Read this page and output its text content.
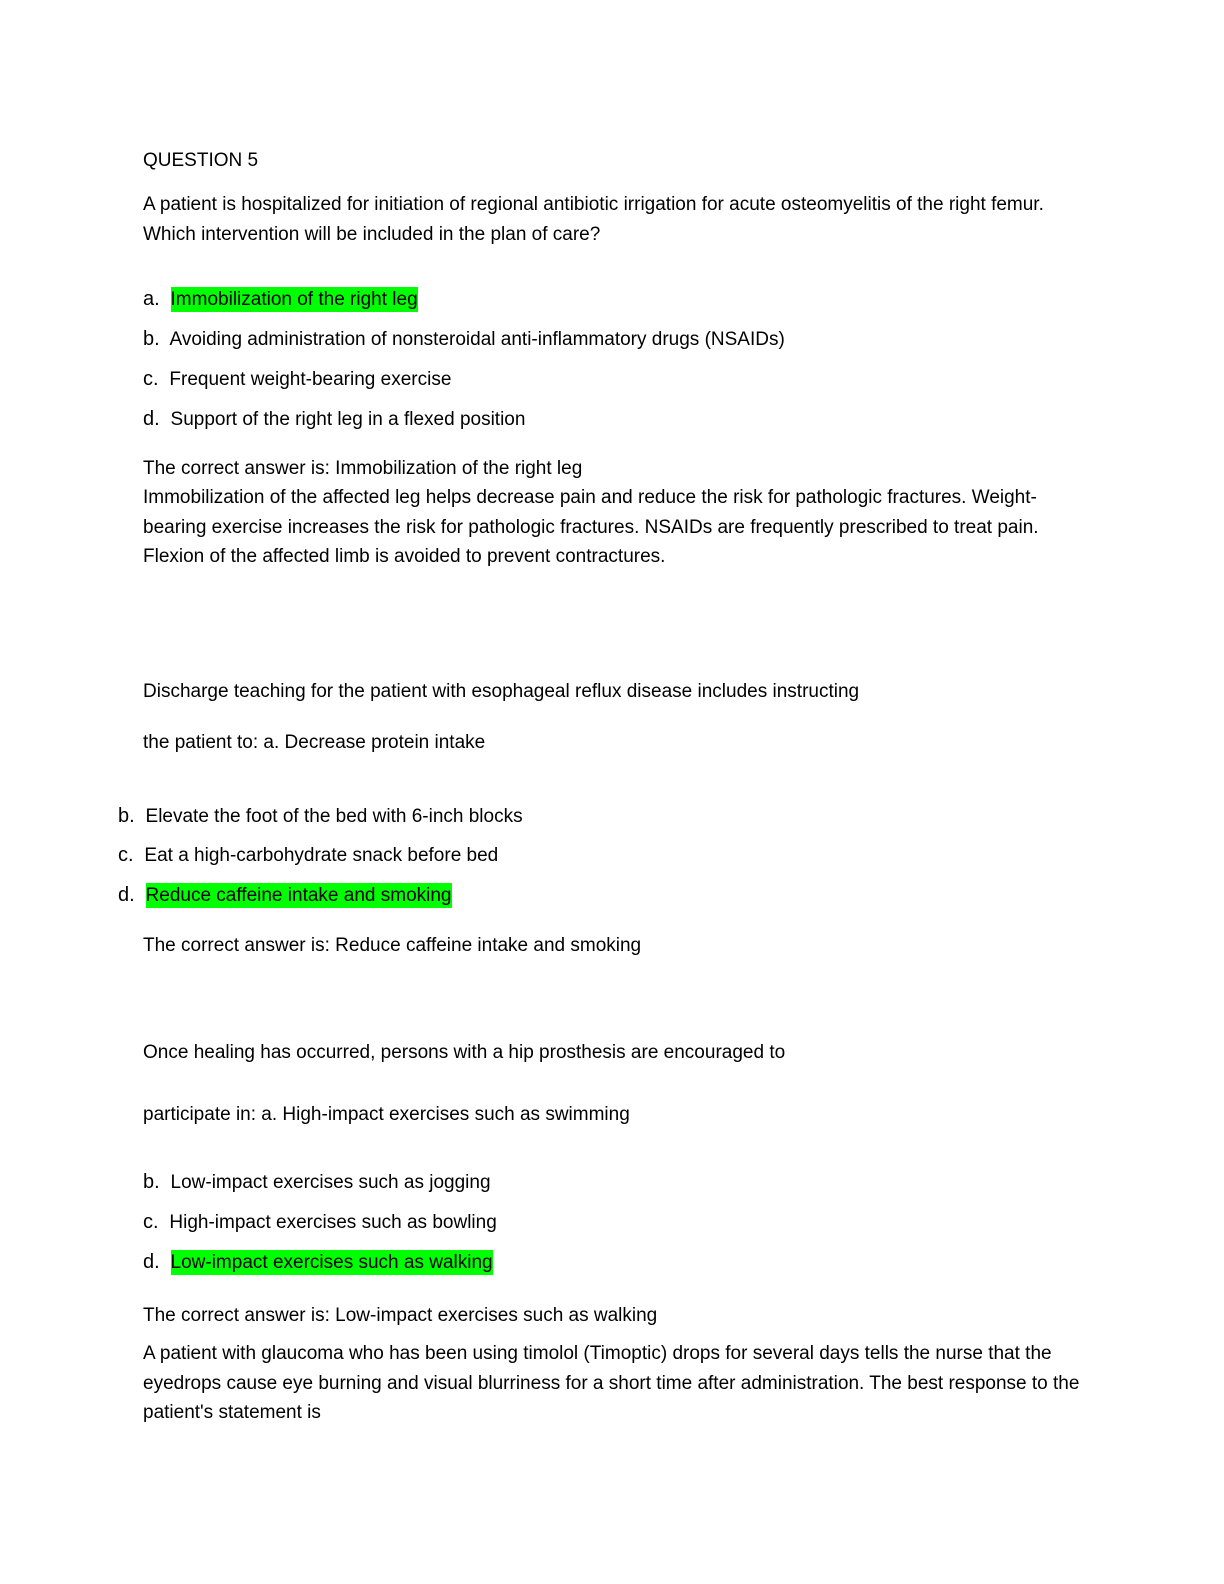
QUESTION 5
A patient is hospitalized for initiation of regional antibiotic irrigation for acute osteomyelitis of the right femur. Which intervention will be included in the plan of care?
a.  Immobilization of the right leg
b.  Avoiding administration of nonsteroidal anti-inflammatory drugs (NSAIDs)
c.  Frequent weight-bearing exercise
d.  Support of the right leg in a flexed position
The correct answer is: Immobilization of the right leg
Immobilization of the affected leg helps decrease pain and reduce the risk for pathologic fractures. Weight-bearing exercise increases the risk for pathologic fractures. NSAIDs are frequently prescribed to treat pain. Flexion of the affected limb is avoided to prevent contractures.
Discharge teaching for the patient with esophageal reflux disease includes instructing
the patient to: a. Decrease protein intake
b.  Elevate the foot of the bed with 6-inch blocks
c.  Eat a high-carbohydrate snack before bed
d.  Reduce caffeine intake and smoking
The correct answer is: Reduce caffeine intake and smoking
Once healing has occurred, persons with a hip prosthesis are encouraged to
participate in: a. High-impact exercises such as swimming
b.  Low-impact exercises such as jogging
c.  High-impact exercises such as bowling
d.  Low-impact exercises such as walking
The correct answer is: Low-impact exercises such as walking
A patient with glaucoma who has been using timolol (Timoptic) drops for several days tells the nurse that the eyedrops cause eye burning and visual blurriness for a short time after administration. The best response to the patient's statement is
